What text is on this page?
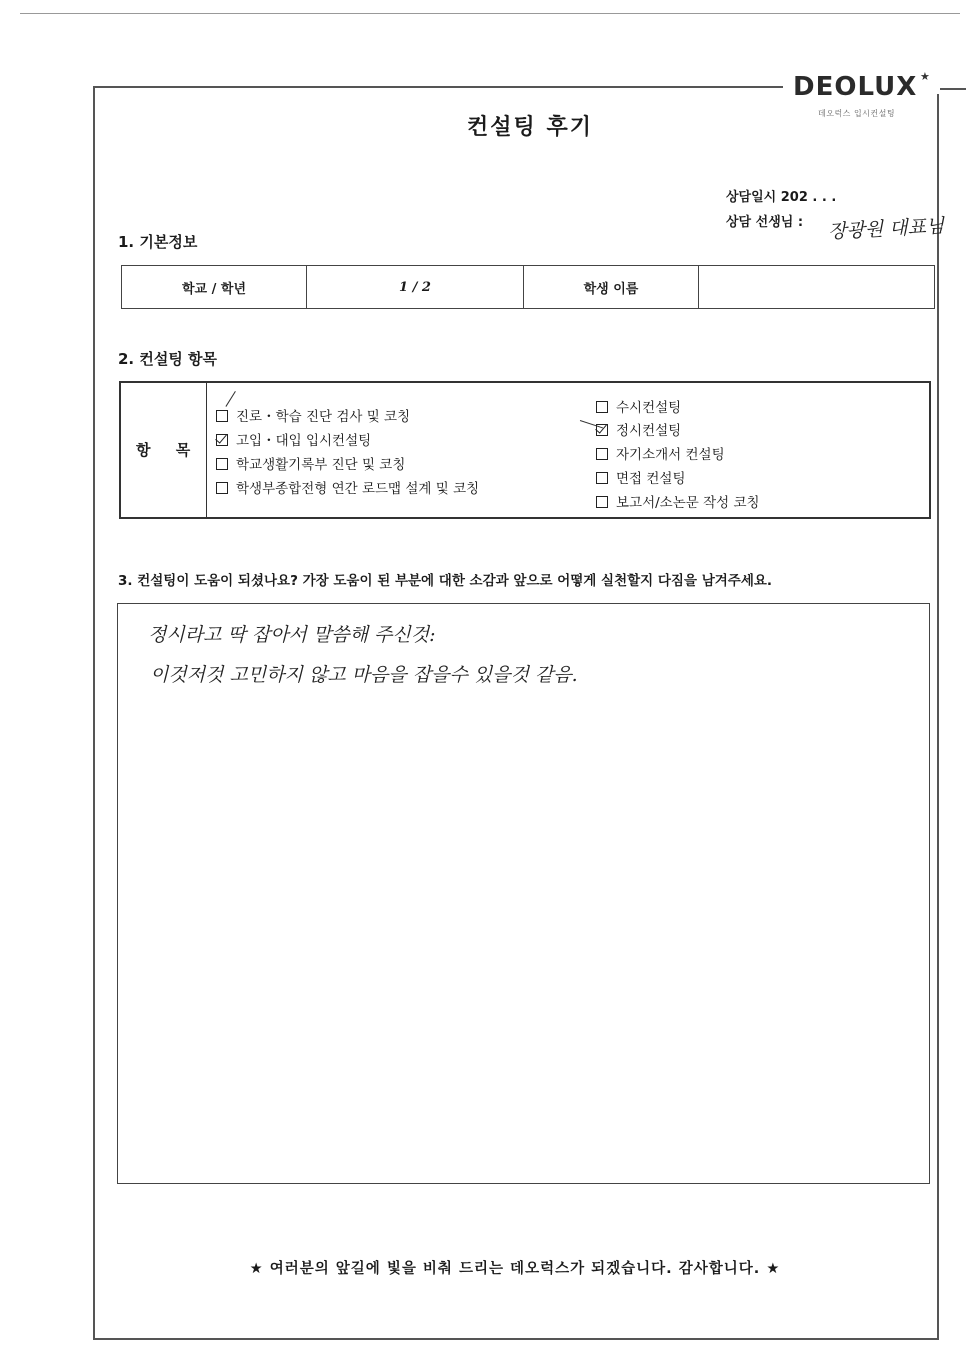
DEOLUX ★
데오럭스 입시컨설팅
컨설팅 후기
상담일시 202 . . .
상담 선생님 : 장광원 대표님
1. 기본정보
학교 / 학년	1 / 2	학생 이름	
2. 컨설팅 항목
항 목
진로・학습 진단 검사 및 코칭
고입・대입 입시컨설팅
학교생활기록부 진단 및 코칭
학생부종합전형 연간 로드맵 설계 및 코칭
수시컨설팅
정시컨설팅
자기소개서 컨설팅
면접 컨설팅
보고서/소논문 작성 코칭
3. 컨설팅이 도움이 되셨나요? 가장 도움이 된 부분에 대한 소감과 앞으로 어떻게 실천할지 다짐을 남겨주세요.
정시라고 딱 잡아서 말씀해 주신것:
이것저것 고민하지 않고 마음을 잡을수 있을것 같음.
★ 여러분의 앞길에 빛을 비춰 드리는 데오럭스가 되겠습니다. 감사합니다. ★
